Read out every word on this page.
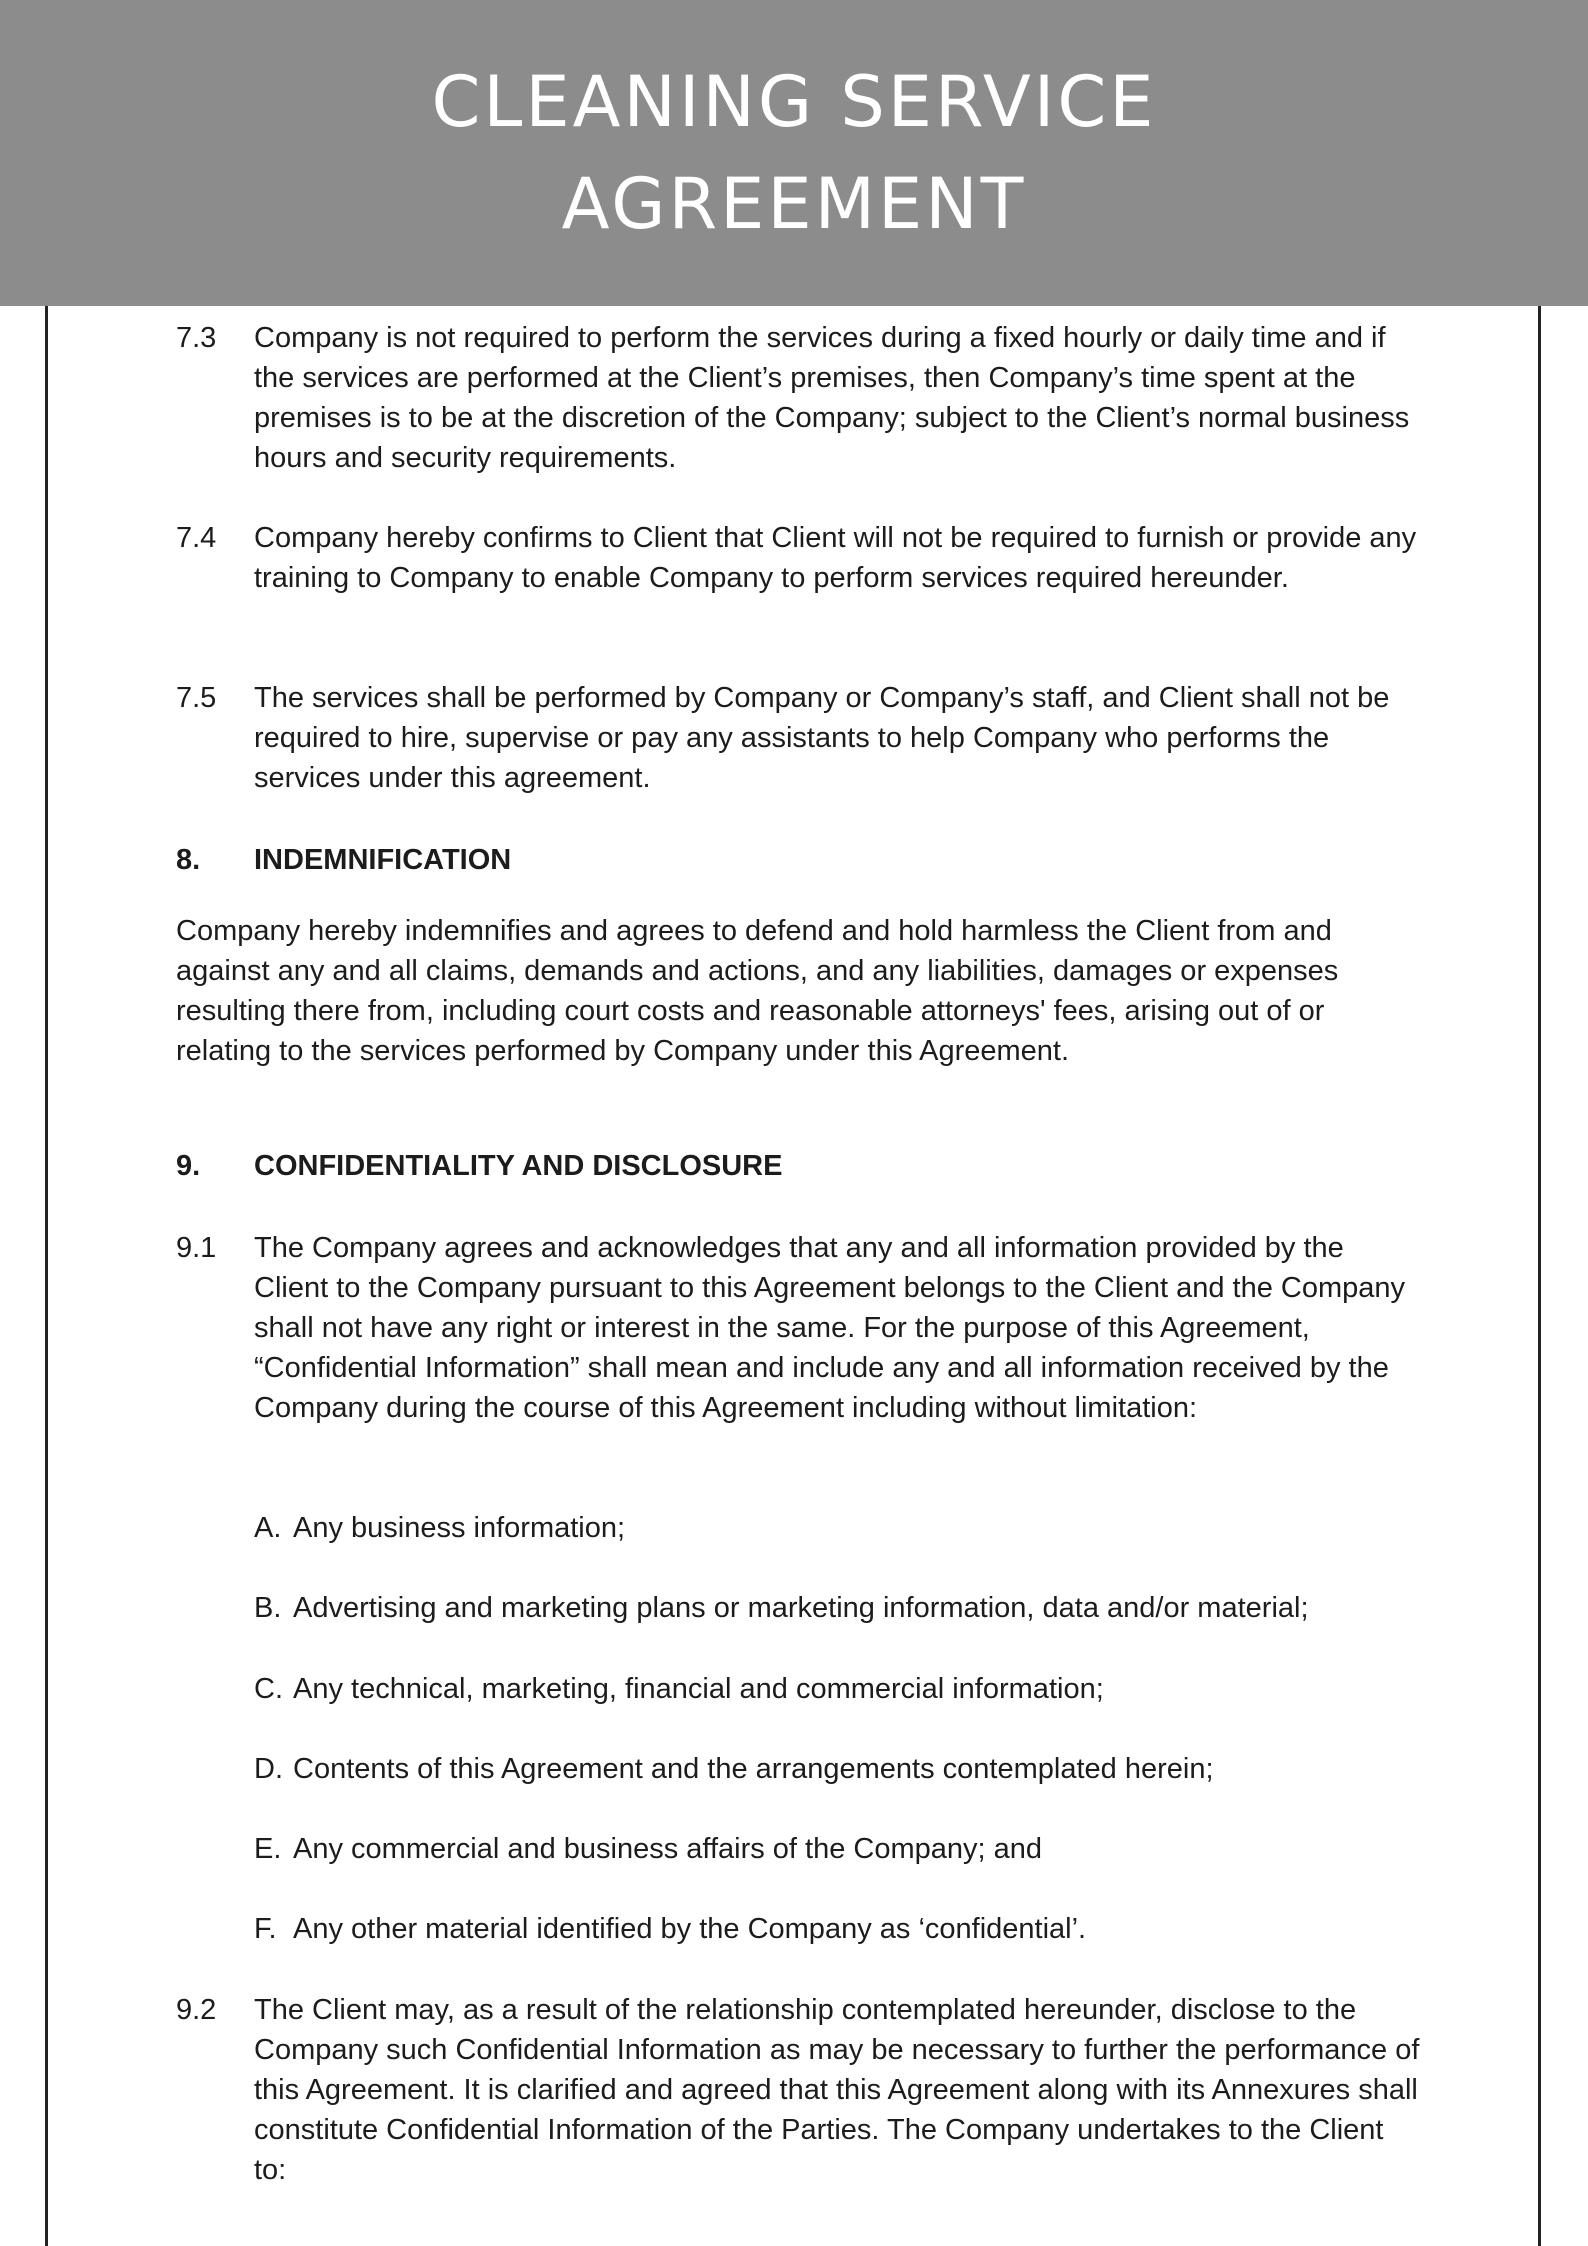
CLEANING SERVICE
AGREEMENT
7.3 Company is not required to perform the services during a fixed hourly or daily time and if the services are performed at the Client’s premises, then Company’s time spent at the premises is to be at the discretion of the Company; subject to the Client’s normal business hours and security requirements.
7.4 Company hereby confirms to Client that Client will not be required to furnish or provide any training to Company to enable Company to perform services required hereunder.
7.5 The services shall be performed by Company or Company’s staff, and Client shall not be required to hire, supervise or pay any assistants to help Company who performs the services under this agreement.
8. INDEMNIFICATION
Company hereby indemnifies and agrees to defend and hold harmless the Client from and against any and all claims, demands and actions, and any liabilities, damages or expenses resulting there from, including court costs and reasonable attorneys' fees, arising out of or relating to the services performed by Company under this Agreement.
9. CONFIDENTIALITY AND DISCLOSURE
9.1 The Company agrees and acknowledges that any and all information provided by the Client to the Company pursuant to this Agreement belongs to the Client and the Company shall not have any right or interest in the same. For the purpose of this Agreement, “Confidential Information” shall mean and include any and all information received by the Company during the course of this Agreement including without limitation:
A. Any business information;
B. Advertising and marketing plans or marketing information, data and/or material;
C. Any technical, marketing, financial and commercial information;
D. Contents of this Agreement and the arrangements contemplated herein;
E. Any commercial and business affairs of the Company; and
F. Any other material identified by the Company as ‘confidential’.
9.2 The Client may, as a result of the relationship contemplated hereunder, disclose to the Company such Confidential Information as may be necessary to further the performance of this Agreement. It is clarified and agreed that this Agreement along with its Annexures shall constitute Confidential Information of the Parties. The Company undertakes to the Client to:
